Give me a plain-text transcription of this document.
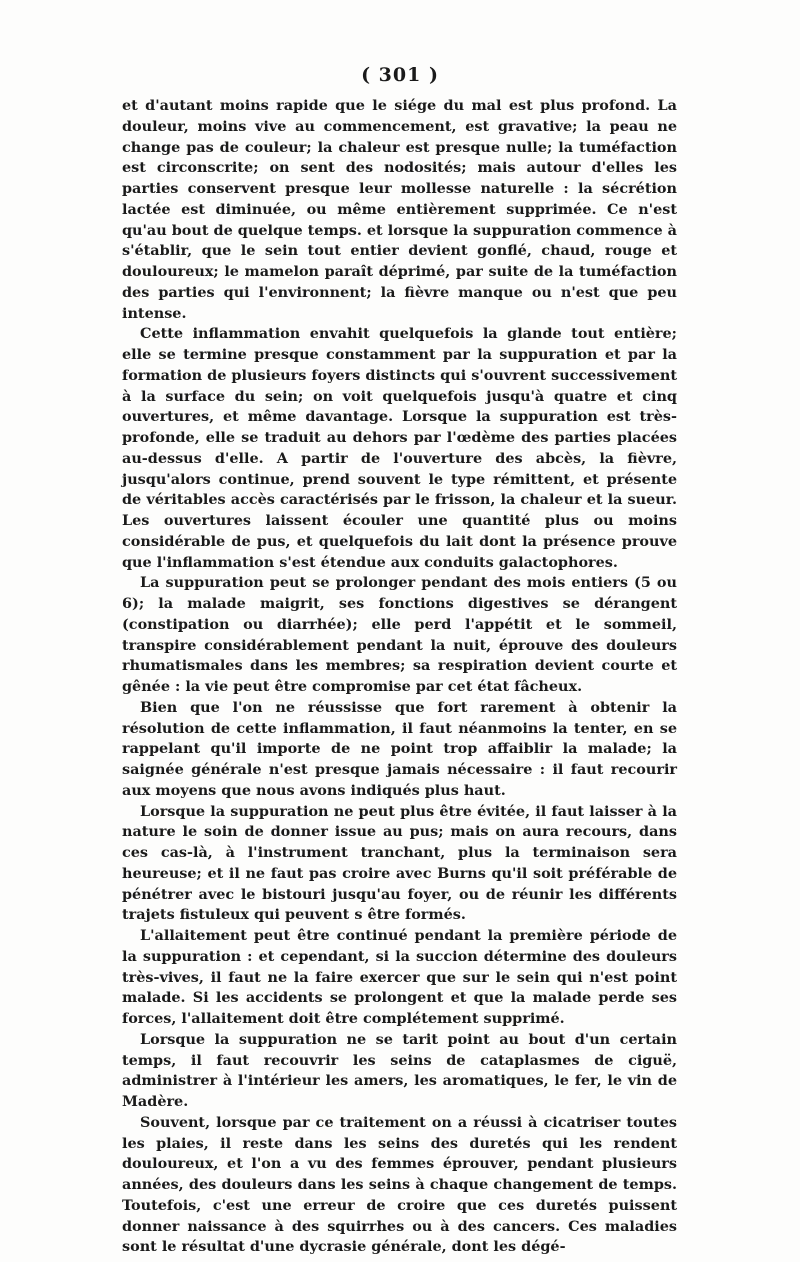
( 301 )

et d'autant moins rapide que le siége du mal est plus profond. La douleur, moins vive au commencement, est gravative; la peau ne change pas de couleur; la chaleur est presque nulle; la tuméfaction est circonscrite; on sent des nodosités; mais autour d'elles les parties conservent presque leur mollesse naturelle : la sécrétion lactée est diminuée, ou même entièrement supprimée. Ce n'est qu'au bout de quelque temps. et lorsque la suppuration commence à s'établir, que le sein tout entier devient gonflé, chaud, rouge et douloureux; le mamelon paraît déprimé, par suite de la tuméfaction des parties qui l'environnent; la fièvre manque ou n'est que peu intense.

Cette inflammation envahit quelquefois la glande tout entière; elle se termine presque constamment par la suppuration et par la formation de plusieurs foyers distincts qui s'ouvrent successivement à la surface du sein; on voit quelquefois jusqu'à quatre et cinq ouvertures, et même davantage. Lorsque la suppuration est très-profonde, elle se traduit au dehors par l'œdème des parties placées au-dessus d'elle. A partir de l'ouverture des abcès, la fièvre, jusqu'alors continue, prend souvent le type rémittent, et présente de véritables accès caractérisés par le frisson, la chaleur et la sueur. Les ouvertures laissent écouler une quantité plus ou moins considérable de pus, et quelquefois du lait dont la présence prouve que l'inflammation s'est étendue aux conduits galactophores.

La suppuration peut se prolonger pendant des mois entiers (5 ou 6); la malade maigrit, ses fonctions digestives se dérangent (constipation ou diarrhée); elle perd l'appétit et le sommeil, transpire considérablement pendant la nuit, éprouve des douleurs rhumatismales dans les membres; sa respiration devient courte et gênée : la vie peut être compromise par cet état fâcheux.

Bien que l'on ne réussisse que fort rarement à obtenir la résolution de cette inflammation, il faut néanmoins la tenter, en se rappelant qu'il importe de ne point trop affaiblir la malade; la saignée générale n'est presque jamais nécessaire : il faut recourir aux moyens que nous avons indiqués plus haut.

Lorsque la suppuration ne peut plus être évitée, il faut laisser à la nature le soin de donner issue au pus; mais on aura recours, dans ces cas-là, à l'instrument tranchant, plus la terminaison sera heureuse; et il ne faut pas croire avec Burns qu'il soit préférable de pénétrer avec le bistouri jusqu'au foyer, ou de réunir les différents trajets fistuleux qui peuvent s être formés.

L'allaitement peut être continué pendant la première période de la suppuration : et cependant, si la succion détermine des douleurs très-vives, il faut ne la faire exercer que sur le sein qui n'est point malade. Si les accidents se prolongent et que la malade perde ses forces, l'allaitement doit être complétement supprimé.

Lorsque la suppuration ne se tarit point au bout d'un certain temps, il faut recouvrir les seins de cataplasmes de ciguë, administrer à l'intérieur les amers, les aromatiques, le fer, le vin de Madère.

Souvent, lorsque par ce traitement on a réussi à cicatriser toutes les plaies, il reste dans les seins des duretés qui les rendent douloureux, et l'on a vu des femmes éprouver, pendant plusieurs années, des douleurs dans les seins à chaque changement de temps. Toutefois, c'est une erreur de croire que ces duretés puissent donner naissance à des squirrhes ou à des cancers. Ces maladies sont le résultat d'une dycrasie générale, dont les dégé-
